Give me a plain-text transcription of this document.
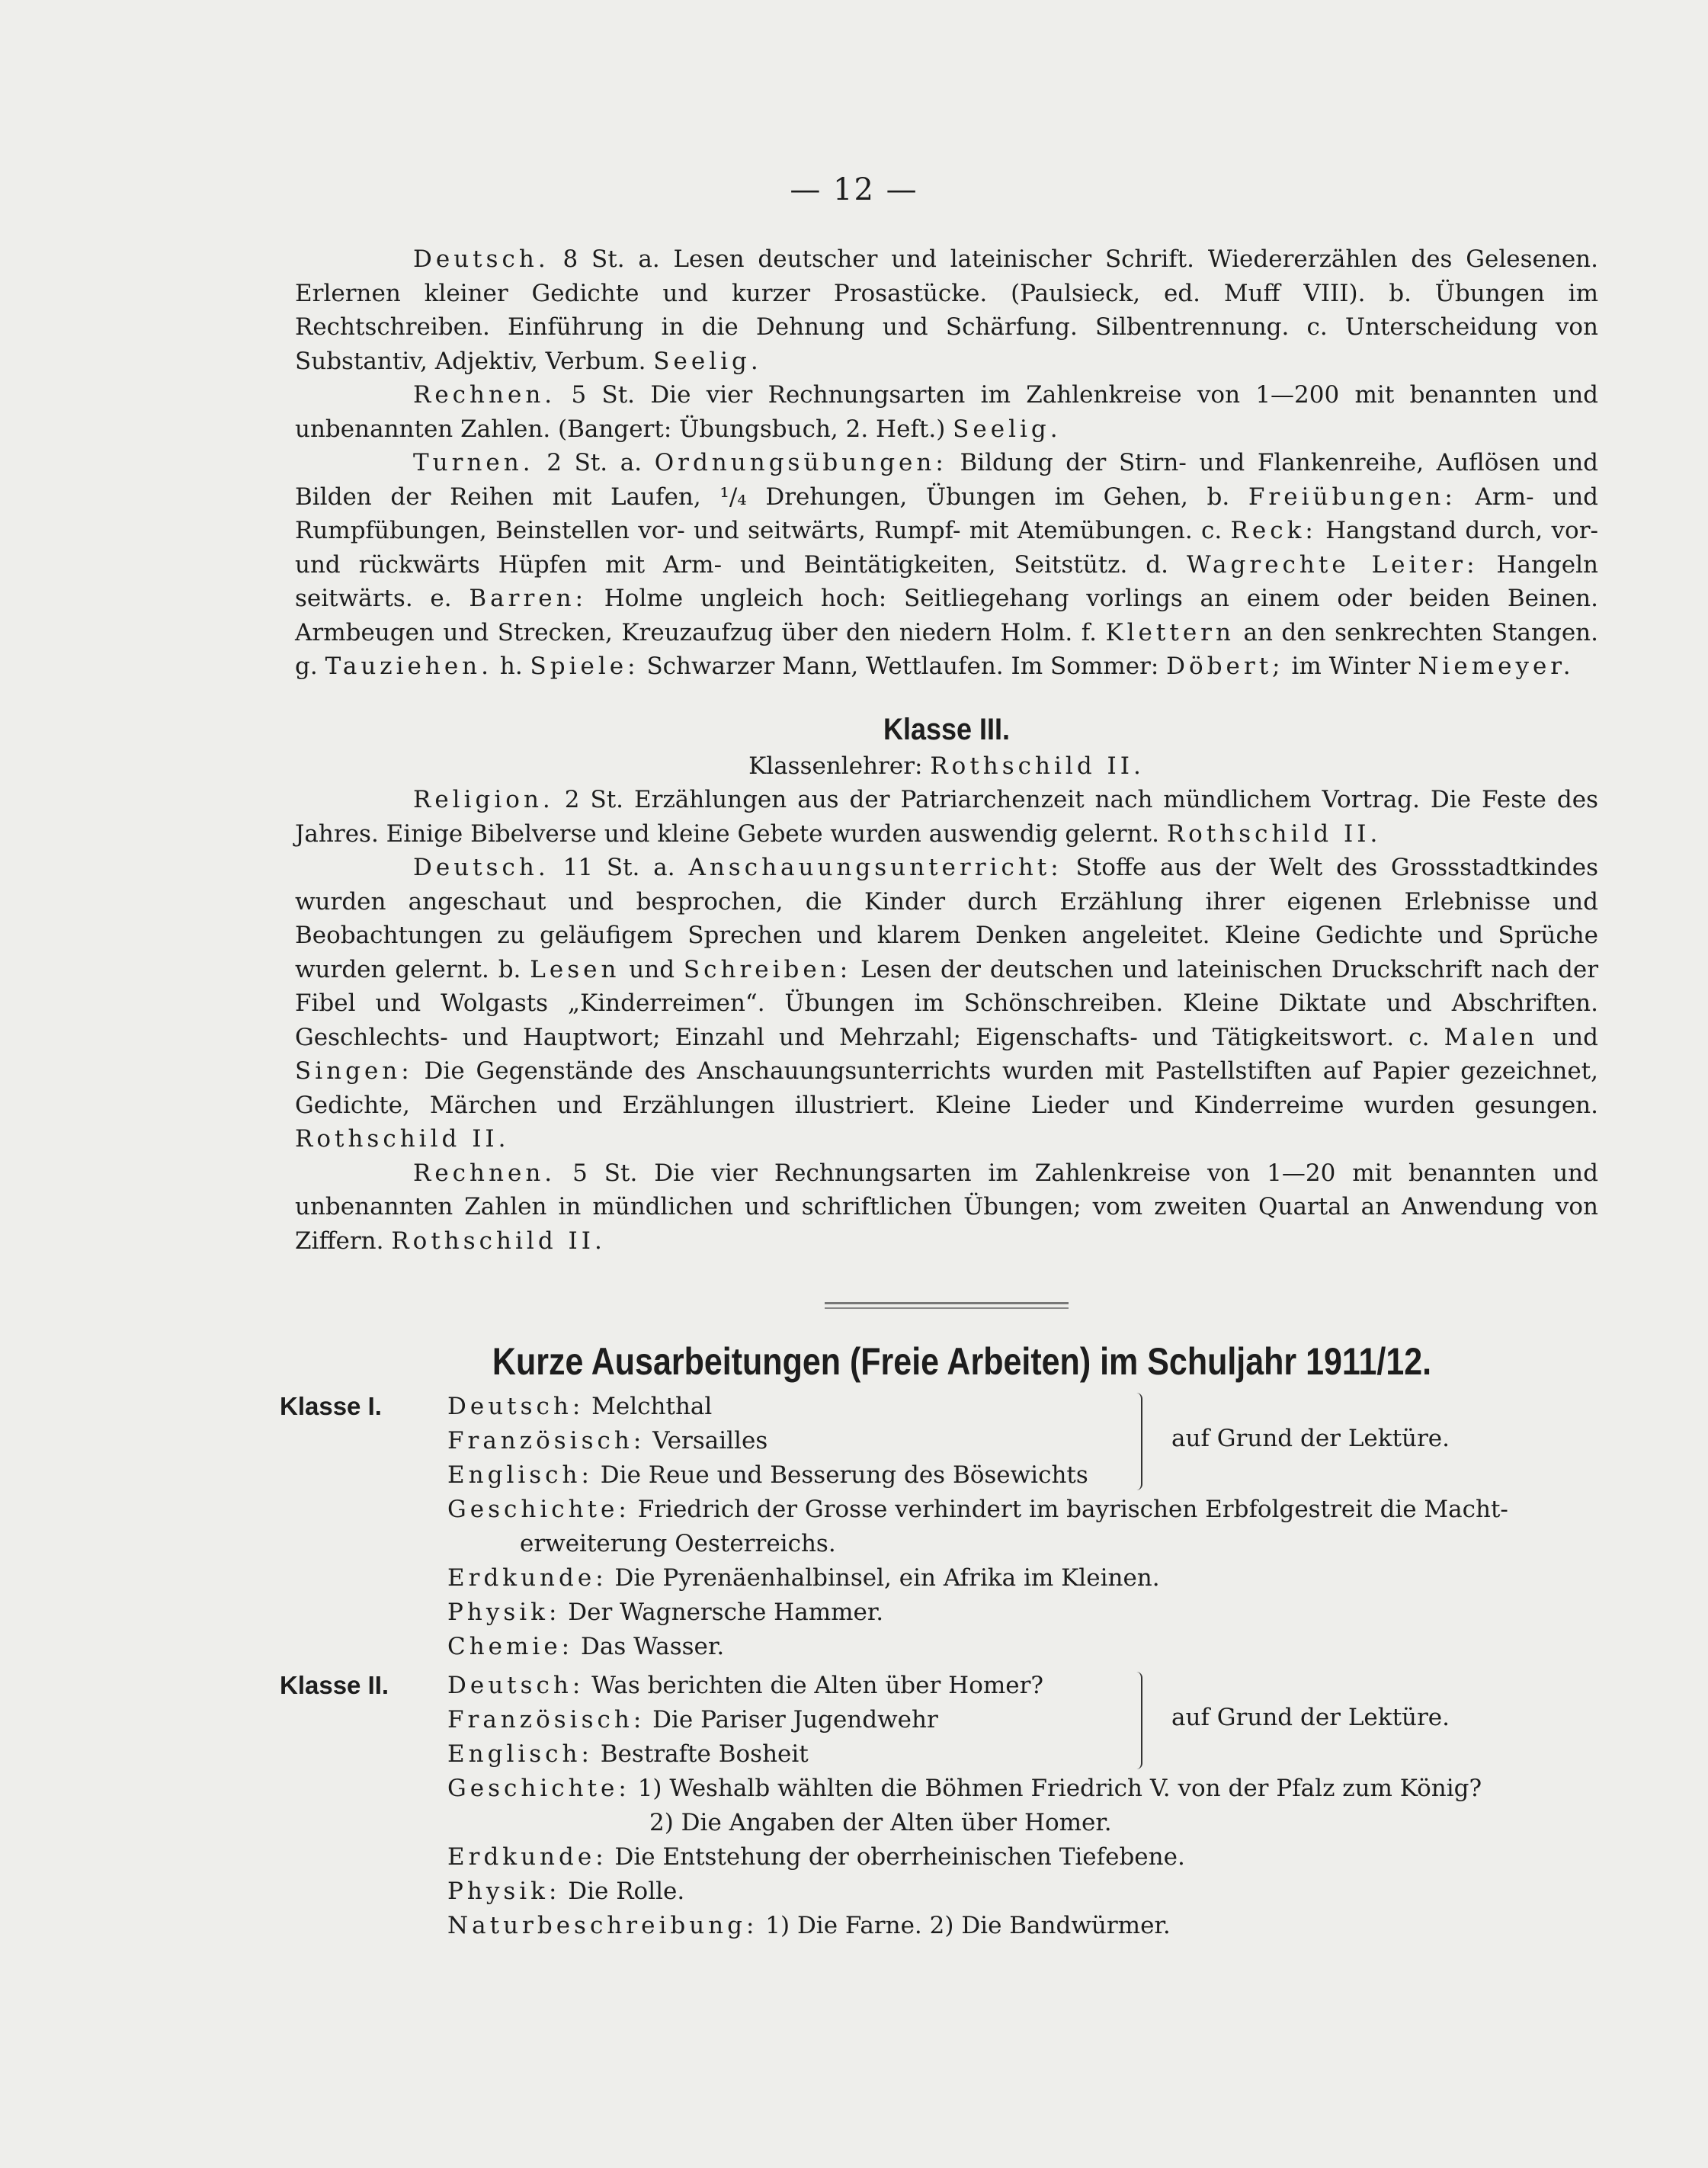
— 12 —

Deutsch. 8 St. a. Lesen deutscher und lateinischer Schrift. Wiedererzählen des Gelesenen. Erlernen kleiner Gedichte und kurzer Prosastücke. (Paulsieck, ed. Muff VIII). b. Übungen im Rechtschreiben. Einführung in die Dehnung und Schärfung. Silbentrennung. c. Unterscheidung von Substantiv, Adjektiv, Verbum. Seelig.

Rechnen. 5 St. Die vier Rechnungsarten im Zahlenkreise von 1—200 mit benannten und unbenannten Zahlen. (Bangert: Übungsbuch, 2. Heft.) Seelig.

Turnen. 2 St. a. Ordnungsübungen: Bildung der Stirn- und Flankenreihe, Auflösen und Bilden der Reihen mit Laufen, ¹/₄ Drehungen, Übungen im Gehen, b. Freiübungen: Arm- und Rumpfübungen, Beinstellen vor- und seitwärts, Rumpf- mit Atemübungen. c. Reck: Hangstand durch, vor- und rückwärts Hüpfen mit Arm- und Beintätigkeiten, Seitstütz. d. Wagrechte Leiter: Hangeln seitwärts. e. Barren: Holme ungleich hoch: Seitliegehang vorlings an einem oder beiden Beinen. Armbeugen und Strecken, Kreuzaufzug über den niedern Holm. f. Klettern an den senkrechten Stangen. g. Tauziehen. h. Spiele: Schwarzer Mann, Wettlaufen. Im Sommer: Döbert; im Winter Niemeyer.

Klasse III.
Klassenlehrer: Rothschild II.

Religion. 2 St. Erzählungen aus der Patriarchenzeit nach mündlichem Vortrag. Die Feste des Jahres. Einige Bibelverse und kleine Gebete wurden auswendig gelernt. Rothschild II.

Deutsch. 11 St. a. Anschauungsunterricht: Stoffe aus der Welt des Grossstadtkindes wurden angeschaut und besprochen, die Kinder durch Erzählung ihrer eigenen Erlebnisse und Beobachtungen zu geläufigem Sprechen und klarem Denken angeleitet. Kleine Gedichte und Sprüche wurden gelernt. b. Lesen und Schreiben: Lesen der deutschen und lateinischen Druckschrift nach der Fibel und Wolgasts „Kinderreimen“. Übungen im Schönschreiben. Kleine Diktate und Abschriften. Geschlechts- und Hauptwort; Einzahl und Mehrzahl; Eigenschafts- und Tätigkeitswort. c. Malen und Singen: Die Gegenstände des Anschauungsunterrichts wurden mit Pastellstiften auf Papier gezeichnet, Gedichte, Märchen und Erzählungen illustriert. Kleine Lieder und Kinderreime wurden gesungen. Rothschild II.

Rechnen. 5 St. Die vier Rechnungsarten im Zahlenkreise von 1—20 mit benannten und unbenannten Zahlen in mündlichen und schriftlichen Übungen; vom zweiten Quartal an Anwendung von Ziffern. Rothschild II.

Kurze Ausarbeitungen (Freie Arbeiten) im Schuljahr 1911/12.
Klasse I.	Deutsch: Melchthal
Französisch: Versailles
Englisch: Die Reue und Besserung des Bösewichts
auf Grund der Lektüre.
Geschichte: Friedrich der Grosse verhindert im bayrischen Erbfolgestreit die Macht-
erweiterung Oesterreichs.
Erdkunde: Die Pyrenäenhalbinsel, ein Afrika im Kleinen.
Physik: Der Wagnersche Hammer.
Chemie: Das Wasser.
Klasse II. Deutsch: Was berichten die Alten über Homer?
Französisch: Die Pariser Jugendwehr
Englisch: Bestrafte Bosheit
auf Grund der Lektüre.
Geschichte: 1) Weshalb wählten die Böhmen Friedrich V. von der Pfalz zum König?
2) Die Angaben der Alten über Homer.
Erdkunde: Die Entstehung der oberrheinischen Tiefebene.
Physik: Die Rolle.
Naturbeschreibung: 1) Die Farne. 2) Die Bandwürmer.
